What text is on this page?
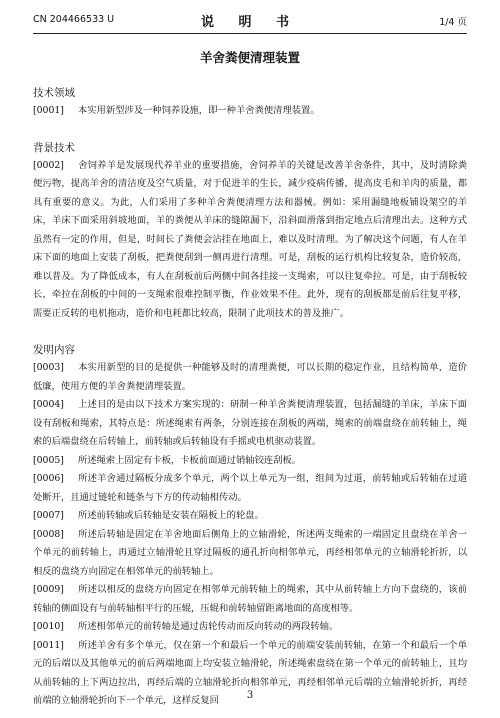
CN 204466533 U	说 明 书	1/4 页
羊舍粪便清理装置
技术领域

[0001] 本实用新型涉及一种饲养设施，即一种羊舍粪便清理装置。

背景技术

[0002] 舍饲养羊是发展现代养羊业的重要措施，舍饲养羊的关键是改善羊舍条件，其中，及时清除粪便污物，提高羊舍的清洁度及空气质量，对于促进羊的生长，减少疫病传播，提高皮毛和羊肉的质量，都具有重要的意义。为此，人们采用了多种羊舍粪便清理方法和器械。例如：采用漏缝地板铺设架空的羊床，羊床下面采用斜坡地面，羊的粪便从羊床的缝隙漏下，沿斜面滑落到指定地点后清理出去。这种方式虽然有一定的作用，但是，时间长了粪便会沾挂在地面上，难以及时清理。为了解决这个问题，有人在羊床下面的地面上安装了刮板，把粪便刮到一侧再进行清理。可是，刮板的运行机构比较复杂，造价较高，难以普及。为了降低成本，有人在刮板前后两侧中间各挂接一支绳索，可以往复牵拉。可是，由于刮板较长，牵拉在刮板的中间的一支绳索很难控制平衡，作业效果不佳。此外，现有的刮板都是前后往复平移，需要正反转的电机拖动，造价和电耗都比较高，限制了此项技术的普及推广。

发明内容

[0003] 本实用新型的目的是提供一种能够及时的清理粪便，可以长期的稳定作业，且结构简单，造价低廉，使用方便的羊舍粪便清理装置。

[0004] 上述目的是由以下技术方案实现的：研制一种羊舍粪便清理装置，包括漏缝的羊床，羊床下面设有刮板和绳索，其特点是：所述绳索有两条，分别连接在刮板的两端，绳索的前端盘绕在前转轴上，绳索的后端盘绕在后转轴上，前转轴或后转轴设有手摇或电机驱动装置。

[0005] 所述绳索上固定有卡板，卡板前面通过销轴铰连刮板。

[0006] 所述羊舍通过隔板分成多个单元，两个以上单元为一组，组间为过道，前转轴或后转轴在过道处断开，且通过链轮和链条与下方的传动轴相传动。

[0007] 所述前转轴或后转轴是安装在隔板上的轮盘。

[0008] 所述后转轴是固定在羊舍地面后侧角上的立轴滑轮，所述两支绳索的一端固定且盘绕在羊舍一个单元的前转轴上，再通过立轴滑轮且穿过隔板的通孔折向相邻单元，再经相邻单元的立轴滑轮折折，以相反的盘绕方向固定在相邻单元的前转轴上。

[0009] 所述以相反的盘绕方向固定在相邻单元前转轴上的绳索，其中从前转轴上方向下盘绕的，该前转轴的侧面设有与前转轴相平行的压辊，压辊和前转轴留距离地面的高度相等。

[0010] 所述相邻单元的前转轴是通过齿轮传动而反向转动的两段转轴。

[0011] 所述羊舍有多个单元，仅在第一个和最后一个单元的前端安装前转轴，在第一个和最后一个单元的后端以及其他单元的前后两端地面上均安装立轴滑轮，所述绳索盘绕在第一个单元的前转轴上，且均从前转轴的上下两边拉出，再经后端的立轴滑轮折向相邻单元，再经相邻单元后端的立轴滑轮折折，再经前端的立轴滑轮折向下一个单元，这样反复回	3
